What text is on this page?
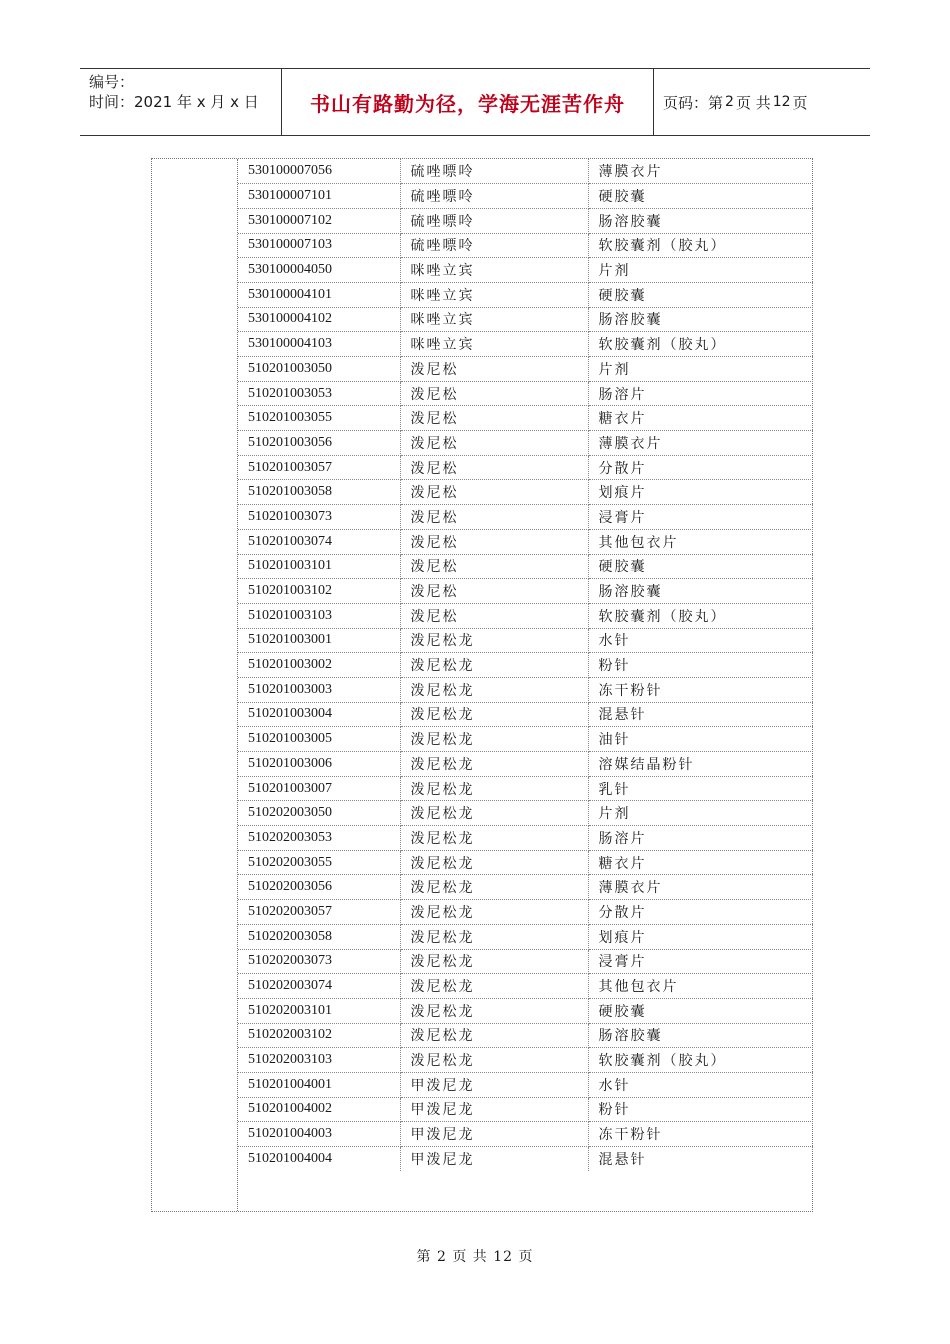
编号：
时间：2021 年 x 月 x 日	书山有路勤为径，学海无涯苦作舟	页码：第 2 页 共 12 页
530100007056	硫唑嘌呤	薄膜衣片
530100007101	硫唑嘌呤	硬胶囊
530100007102	硫唑嘌呤	肠溶胶囊
530100007103	硫唑嘌呤	软胶囊剂（胶丸）
530100004050	咪唑立宾	片剂
530100004101	咪唑立宾	硬胶囊
530100004102	咪唑立宾	肠溶胶囊
530100004103	咪唑立宾	软胶囊剂（胶丸）
510201003050	泼尼松	片剂
510201003053	泼尼松	肠溶片
510201003055	泼尼松	糖衣片
510201003056	泼尼松	薄膜衣片
510201003057	泼尼松	分散片
510201003058	泼尼松	划痕片
510201003073	泼尼松	浸膏片
510201003074	泼尼松	其他包衣片
510201003101	泼尼松	硬胶囊
510201003102	泼尼松	肠溶胶囊
510201003103	泼尼松	软胶囊剂（胶丸）
510201003001	泼尼松龙	水针
510201003002	泼尼松龙	粉针
510201003003	泼尼松龙	冻干粉针
510201003004	泼尼松龙	混悬针
510201003005	泼尼松龙	油针
510201003006	泼尼松龙	溶媒结晶粉针
510201003007	泼尼松龙	乳针
510202003050	泼尼松龙	片剂
510202003053	泼尼松龙	肠溶片
510202003055	泼尼松龙	糖衣片
510202003056	泼尼松龙	薄膜衣片
510202003057	泼尼松龙	分散片
510202003058	泼尼松龙	划痕片
510202003073	泼尼松龙	浸膏片
510202003074	泼尼松龙	其他包衣片
510202003101	泼尼松龙	硬胶囊
510202003102	泼尼松龙	肠溶胶囊
510202003103	泼尼松龙	软胶囊剂（胶丸）
510201004001	甲泼尼龙	水针
510201004002	甲泼尼龙	粉针
510201004003	甲泼尼龙	冻干粉针
510201004004	甲泼尼龙	混悬针
第 2 页 共 12 页
